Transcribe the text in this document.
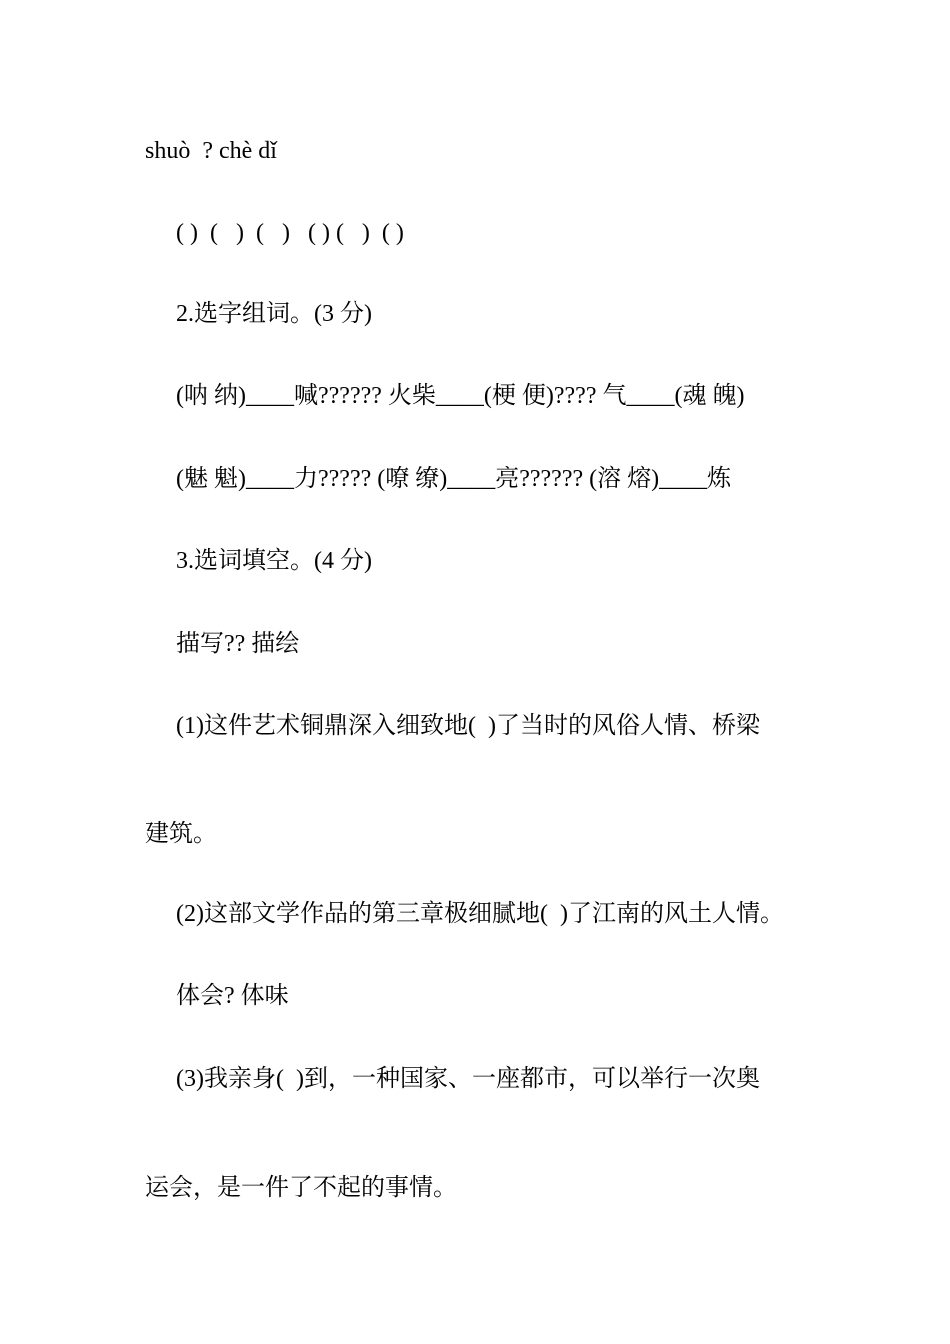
shuò  ? chè dǐ
( )  (   )  (   )   ( ) (   )  ( )
2.选字组词。(3 分)
(呐 纳)____喊?????? 火柴____(梗 便)???? 气____(魂 魄)
(魅 魁)____力????? (嘹 缭)____亮?????? (溶 熔)____炼
3.选词填空。(4 分)
描写?? 描绘
(1)这件艺术铜鼎深入细致地(  )了当时的风俗人情、桥梁
建筑。
(2)这部文学作品的第三章极细腻地(  )了江南的风土人情。
体会? 体味
(3)我亲身(  )到，一种国家、一座都市，可以举行一次奥
运会，是一件了不起的事情。
